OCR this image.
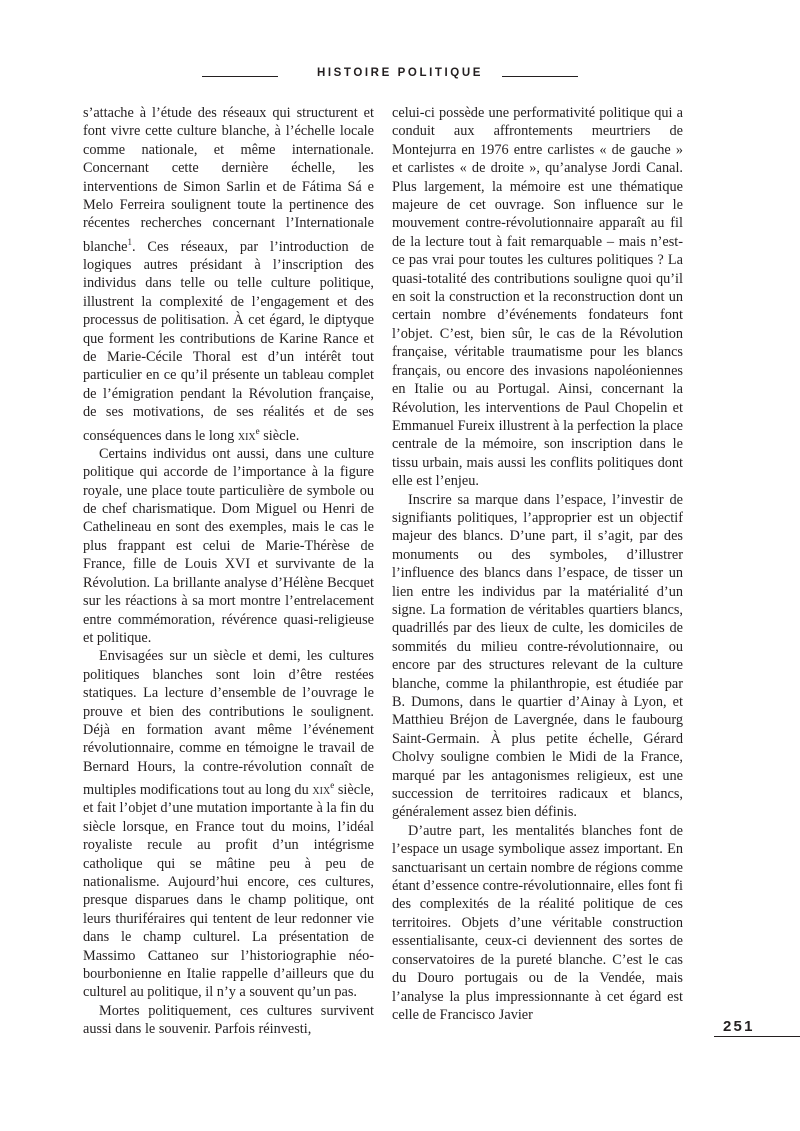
HISTOIRE POLITIQUE

s’attache à l’étude des réseaux qui structurent et font vivre cette culture blanche, à l’échelle locale comme nationale, et même internationale. Concernant cette dernière échelle, les interventions de Simon Sarlin et de Fátima Sá e Melo Ferreira soulignent toute la pertinence des récentes recherches concernant l’Internationale blanche$^1$. Ces réseaux, par l’introduction de logiques autres présidant à l’inscription des individus dans telle ou telle culture politique, illustrent la complexité de l’engagement et des processus de politisation. À cet égard, le diptyque que forment les contributions de Karine Rance et de Marie-Cécile Thoral est d’un intérêt tout particulier en ce qu’il présente un tableau complet de l’émigration pendant la Révolution française, de ses motivations, de ses réalités et de ses conséquences dans le long xix$^e$ siècle.

Certains individus ont aussi, dans une culture politique qui accorde de l’importance à la figure royale, une place toute particulière de symbole ou de chef charismatique. Dom Miguel ou Henri de Cathelineau en sont des exemples, mais le cas le plus frappant est celui de Marie-Thérèse de France, fille de Louis XVI et survivante de la Révolution. La brillante analyse d’Hélène Becquet sur les réactions à sa mort montre l’entrelacement entre commémoration, révérence quasi-religieuse et politique.

Envisagées sur un siècle et demi, les cultures politiques blanches sont loin d’être restées statiques. La lecture d’ensemble de l’ouvrage le prouve et bien des contributions le soulignent. Déjà en formation avant même l’événement révolutionnaire, comme en témoigne le travail de Bernard Hours, la contre-révolution connaît de multiples modifications tout au long du xix$^e$ siècle, et fait l’objet d’une mutation importante à la fin du siècle lorsque, en France tout du moins, l’idéal royaliste recule au profit d’un intégrisme catholique qui se mâtine peu à peu de nationalisme. Aujourd’hui encore, ces cultures, presque disparues dans le champ politique, ont leurs thuriféraires qui tentent de leur redonner vie dans le champ culturel. La présentation de Massimo Cattaneo sur l’historiographie néo-bourbonienne en Italie rappelle d’ailleurs que du culturel au politique, il n’y a souvent qu’un pas.

Mortes politiquement, ces cultures survivent aussi dans le souvenir. Parfois réinvesti,

celui-ci possède une performativité politique qui a conduit aux affrontements meurtriers de Montejurra en 1976 entre carlistes « de gauche » et carlistes « de droite », qu’analyse Jordi Canal. Plus largement, la mémoire est une thématique majeure de cet ouvrage. Son influence sur le mouvement contre-révolutionnaire apparaît au fil de la lecture tout à fait remarquable – mais n’est-ce pas vrai pour toutes les cultures politiques ? La quasi-totalité des contributions souligne quoi qu’il en soit la construction et la reconstruction dont un certain nombre d’événements fondateurs font l’objet. C’est, bien sûr, le cas de la Révolution française, véritable traumatisme pour les blancs français, ou encore des invasions napoléoniennes en Italie ou au Portugal. Ainsi, concernant la Révolution, les interventions de Paul Chopelin et Emmanuel Fureix illustrent à la perfection la place centrale de la mémoire, son inscription dans le tissu urbain, mais aussi les conflits politiques dont elle est l’enjeu.

Inscrire sa marque dans l’espace, l’investir de signifiants politiques, l’approprier est un objectif majeur des blancs. D’une part, il s’agit, par des monuments ou des symboles, d’illustrer l’influence des blancs dans l’espace, de tisser un lien entre les individus par la matérialité d’un signe. La formation de véritables quartiers blancs, quadrillés par des lieux de culte, les domiciles de sommités du milieu contre-révolutionnaire, ou encore par des structures relevant de la culture blanche, comme la philanthropie, est étudiée par B. Dumons, dans le quartier d’Ainay à Lyon, et Matthieu Bréjon de Lavergnée, dans le faubourg Saint-Germain. À plus petite échelle, Gérard Cholvy souligne combien le Midi de la France, marqué par les antagonismes religieux, est une succession de territoires radicaux et blancs, généralement assez bien définis.

D’autre part, les mentalités blanches font de l’espace un usage symbolique assez important. En sanctuarisant un certain nombre de régions comme étant d’essence contre-révolutionnaire, elles font fi des complexités de la réalité politique de ces territoires. Objets d’une véritable construction essentialisante, ceux-ci deviennent des sortes de conservatoires de la pureté blanche. C’est le cas du Douro portugais ou de la Vendée, mais l’analyse la plus impressionnante à cet égard est celle de Francisco Javier

251
